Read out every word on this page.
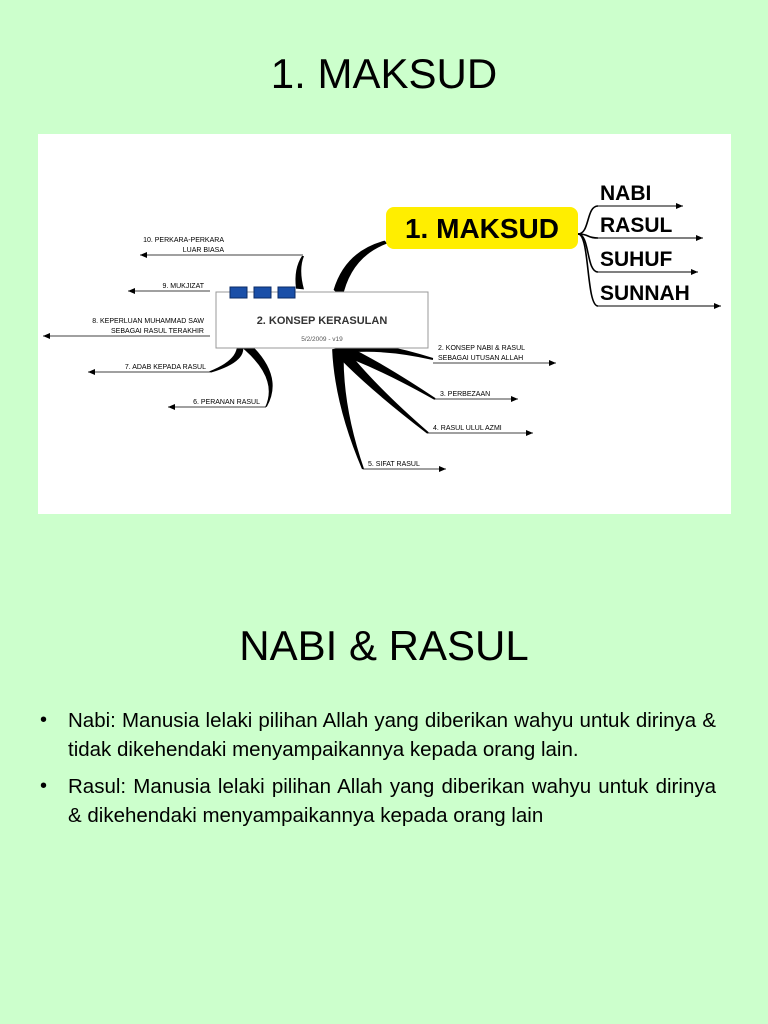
1. MAKSUD
2. KONSEP KERASULAN
5/2/2009 - v19
1. MAKSUD
2. KONSEP NABI & RASUL
SEBAGAI UTUSAN ALLAH
3. PERBEZAAN
4. RASUL ULUL AZMI
5. SIFAT RASUL
6. PERANAN RASUL
7. ADAB KEPADA RASUL
8. KEPERLUAN MUHAMMAD SAW
SEBAGAI RASUL TERAKHIR
9. MUKJIZAT
10. PERKARA-PERKARA
LUAR BIASA
NABI
RASUL
SUHUF
SUNNAH
NABI & RASUL
• Nabi: Manusia lelaki pilihan Allah yang diberikan wahyu untuk dirinya & tidak dikehendaki menyampaikannya kepada orang lain.
• Rasul: Manusia lelaki pilihan Allah yang diberikan wahyu untuk dirinya & dikehendaki menyampaikannya kepada orang lain
